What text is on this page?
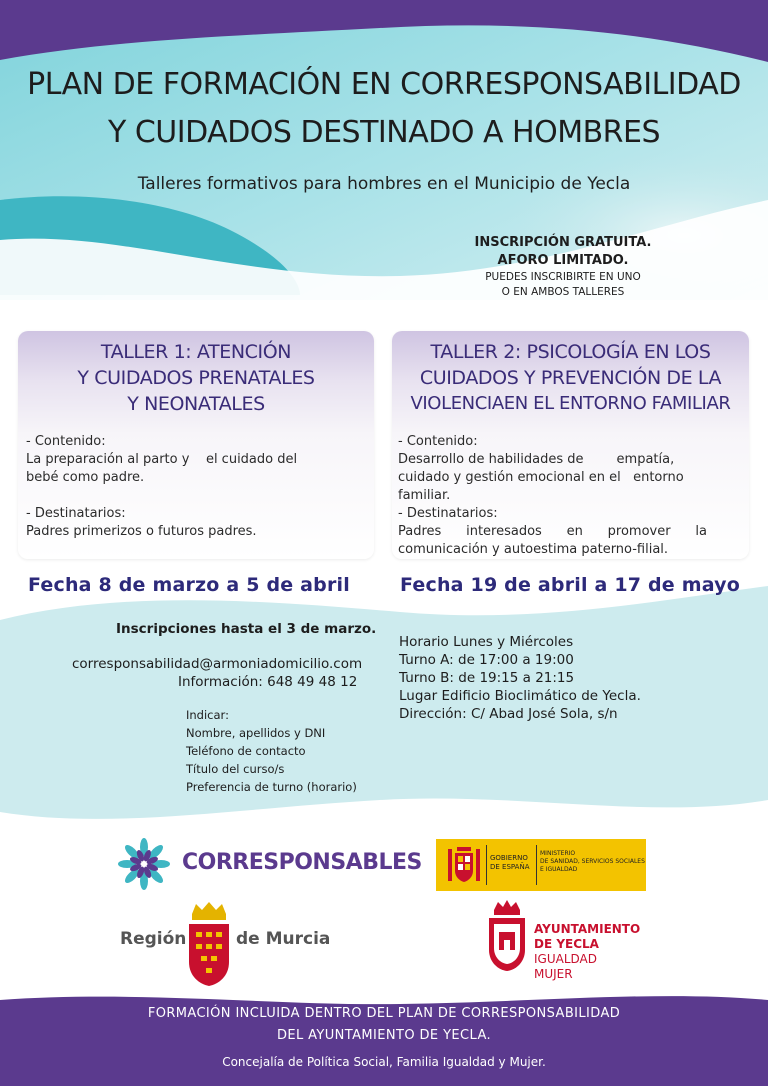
PLAN DE FORMACIÓN EN CORRESPONSABILIDAD
Y CUIDADOS DESTINADO A HOMBRES
Talleres formativos para hombres en el Municipio de Yecla
INSCRIPCIÓN GRATUITA.
AFORO LIMITADO.
PUEDES INSCRIBIRTE EN UNO
O EN AMBOS TALLERES
TALLER 1: ATENCIÓN
Y CUIDADOS PRENATALES
Y NEONATALES
- Contenido:
La preparación al parto y    el cuidado del
bebé como padre.
- Destinatarios:
Padres primerizos o futuros padres.
TALLER 2: PSICOLOGÍA EN LOS
CUIDADOS Y PREVENCIÓN DE LA
VIOLENCIAEN EL ENTORNO FAMILIAR
- Contenido:
Desarrollo de habilidades de        empatía,
cuidado y gestión emocional en el   entorno
familiar.
- Destinatarios:
Padres      interesados      en      promover      la
comunicación y autoestima paterno-filial.
Fecha 8 de marzo a 5 de abril	Fecha 19 de abril a 17 de mayo
Inscripciones hasta el 3 de marzo.
corresponsabilidad@armoniadomicilio.com
Información: 648 49 48 12
Indicar:
Nombre, apellidos y DNI
Teléfono de contacto
Título del curso/s
Preferencia de turno (horario)
Horario Lunes y Miércoles
Turno A: de 17:00 a 19:00
Turno B: de 19:15 a 21:15
Lugar Edificio Bioclimático de Yecla.
Dirección: C/ Abad José Sola, s/n
CORRESPONSABLES
Región	de Murcia
GOBIERNO
DE ESPAÑA
MINISTERIO
DE SANIDAD, SERVICIOS SOCIALES
E IGUALDAD
AYUNTAMIENTO
DE YECLA
IGUALDAD
MUJER
FORMACIÓN INCLUIDA DENTRO DEL PLAN DE CORRESPONSABILIDAD
DEL AYUNTAMIENTO DE YECLA.
Concejalía de Política Social, Familia Igualdad y Mujer.
